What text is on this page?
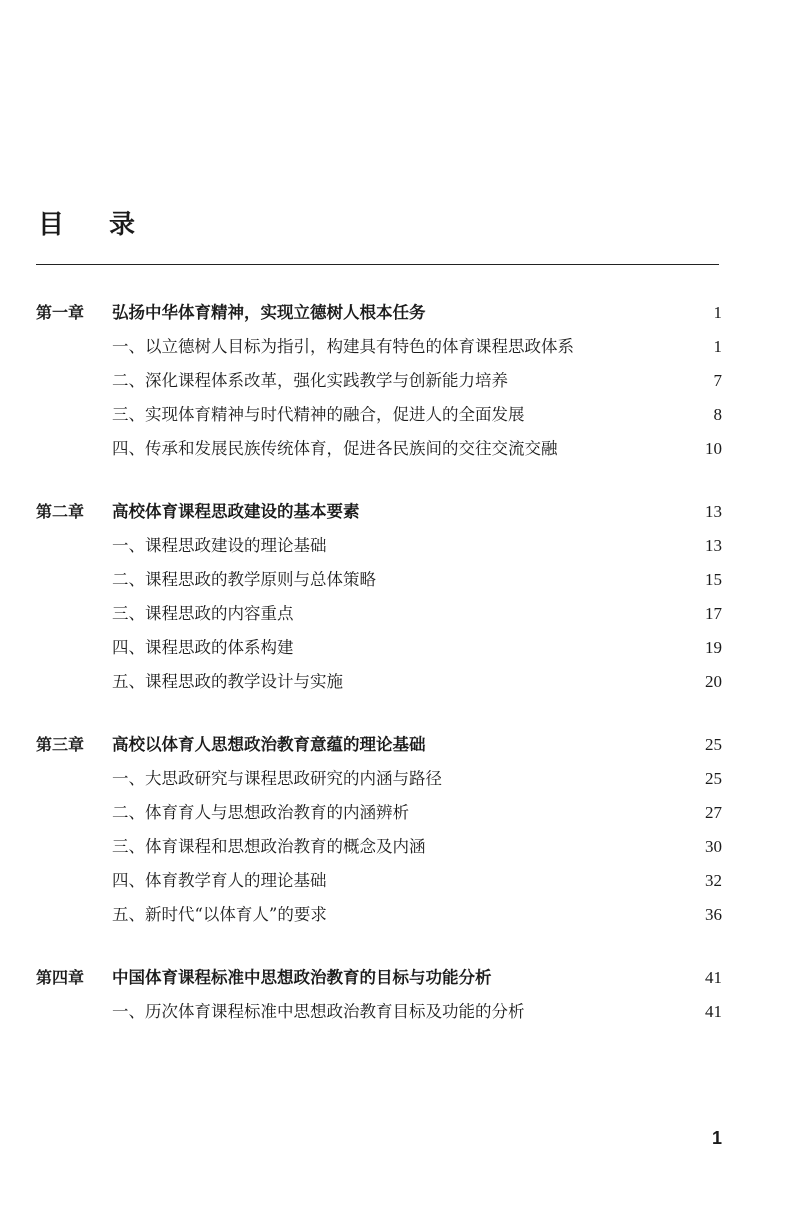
目 录
第一章 弘扬中华体育精神，实现立德树人根本任务	1
一、以立德树人目标为指引，构建具有特色的体育课程思政体系	1
二、深化课程体系改革，强化实践教学与创新能力培养	7
三、实现体育精神与时代精神的融合，促进人的全面发展	8
四、传承和发展民族传统体育，促进各民族间的交往交流交融	10
第二章 高校体育课程思政建设的基本要素	13
一、课程思政建设的理论基础	13
二、课程思政的教学原则与总体策略	15
三、课程思政的内容重点	17
四、课程思政的体系构建	19
五、课程思政的教学设计与实施	20
第三章 高校以体育人思想政治教育意蕴的理论基础	25
一、大思政研究与课程思政研究的内涵与路径	25
二、体育育人与思想政治教育的内涵辨析	27
三、体育课程和思想政治教育的概念及内涵	30
四、体育教学育人的理论基础	32
五、新时代“以体育人”的要求	36
第四章 中国体育课程标准中思想政治教育的目标与功能分析	41
一、历次体育课程标准中思想政治教育目标及功能的分析	41
1
